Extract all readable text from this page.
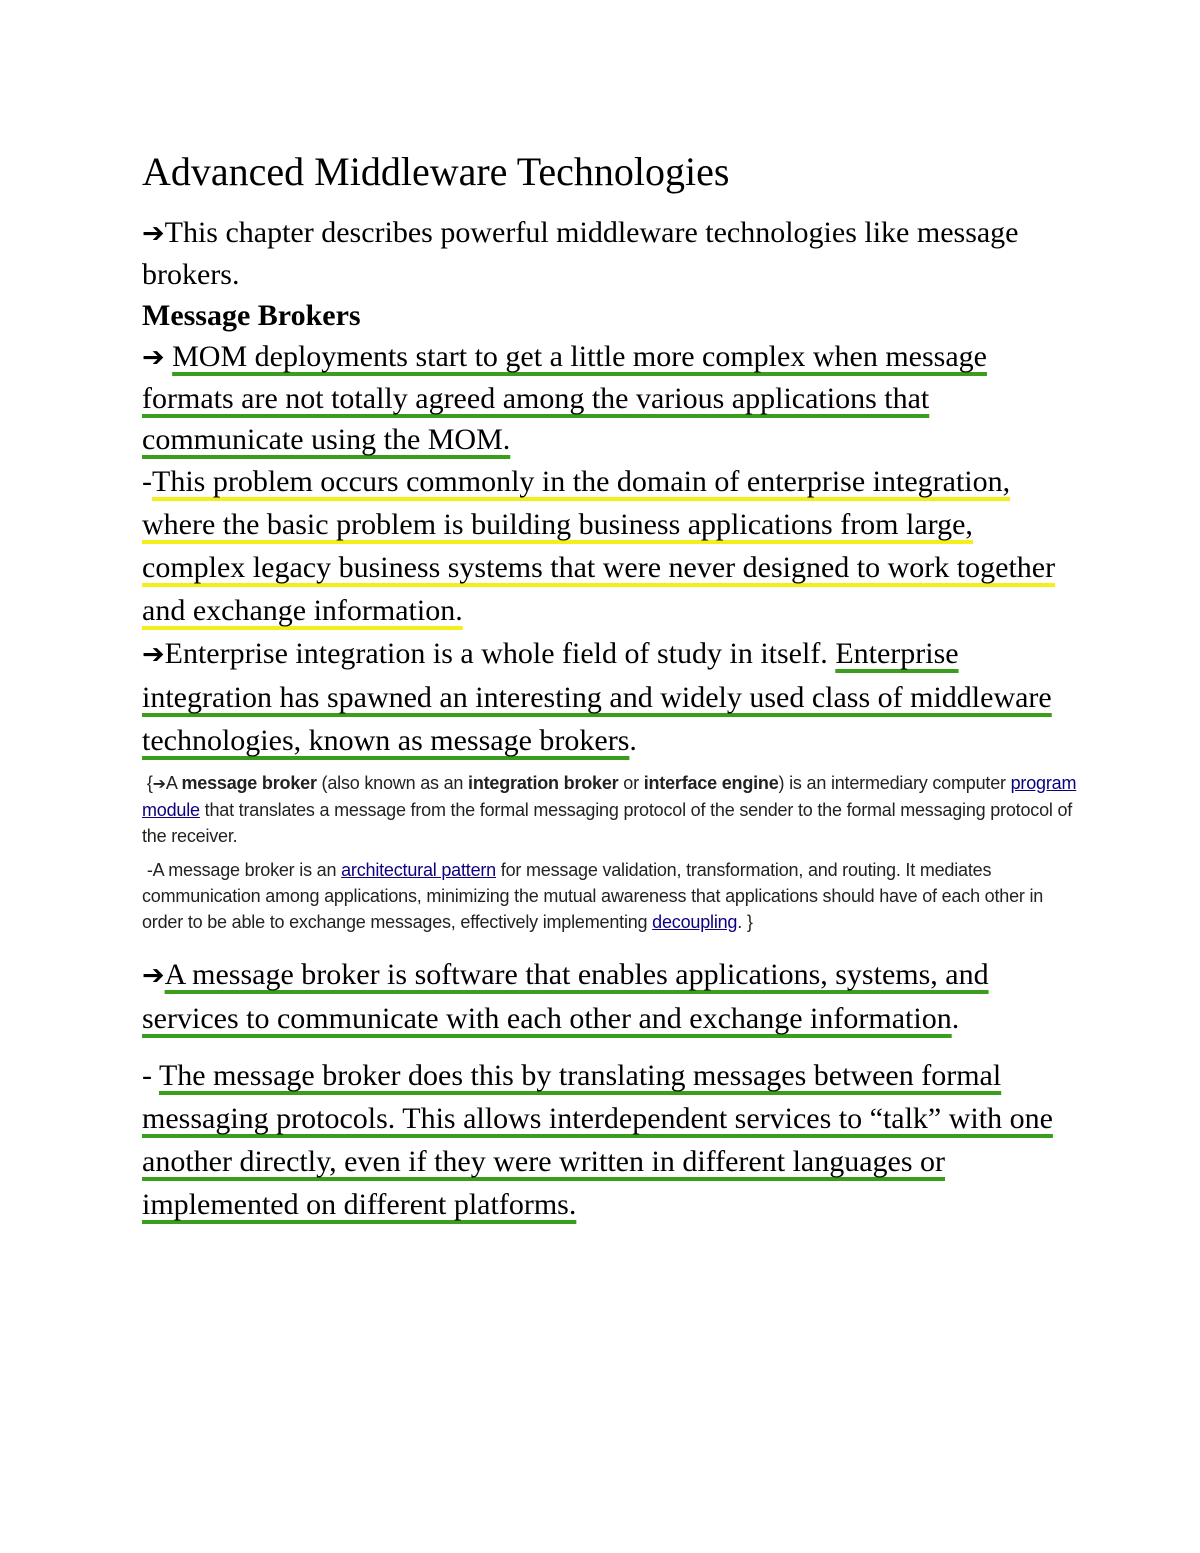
Advanced Middleware Technologies

➔This chapter describes powerful middleware technologies like message brokers.

Message Brokers

➔ MOM deployments start to get a little more complex when message formats are not totally agreed among the various applications that communicate using the MOM.

-This problem occurs commonly in the domain of enterprise integration, where the basic problem is building business applications from large, complex legacy business systems that were never designed to work together and exchange information.

➔Enterprise integration is a whole field of study in itself. Enterprise integration has spawned an interesting and widely used class of middleware technologies, known as message brokers.

{➔A message broker (also known as an integration broker or interface engine) is an intermediary computer program module that translates a message from the formal messaging protocol of the sender to the formal messaging protocol of the receiver.

-A message broker is an architectural pattern for message validation, transformation, and routing. It mediates communication among applications, minimizing the mutual awareness that applications should have of each other in order to be able to exchange messages, effectively implementing decoupling. }

➔A message broker is software that enables applications, systems, and services to communicate with each other and exchange information.

- The message broker does this by translating messages between formal messaging protocols. This allows interdependent services to “talk” with one another directly, even if they were written in different languages or implemented on different platforms.
